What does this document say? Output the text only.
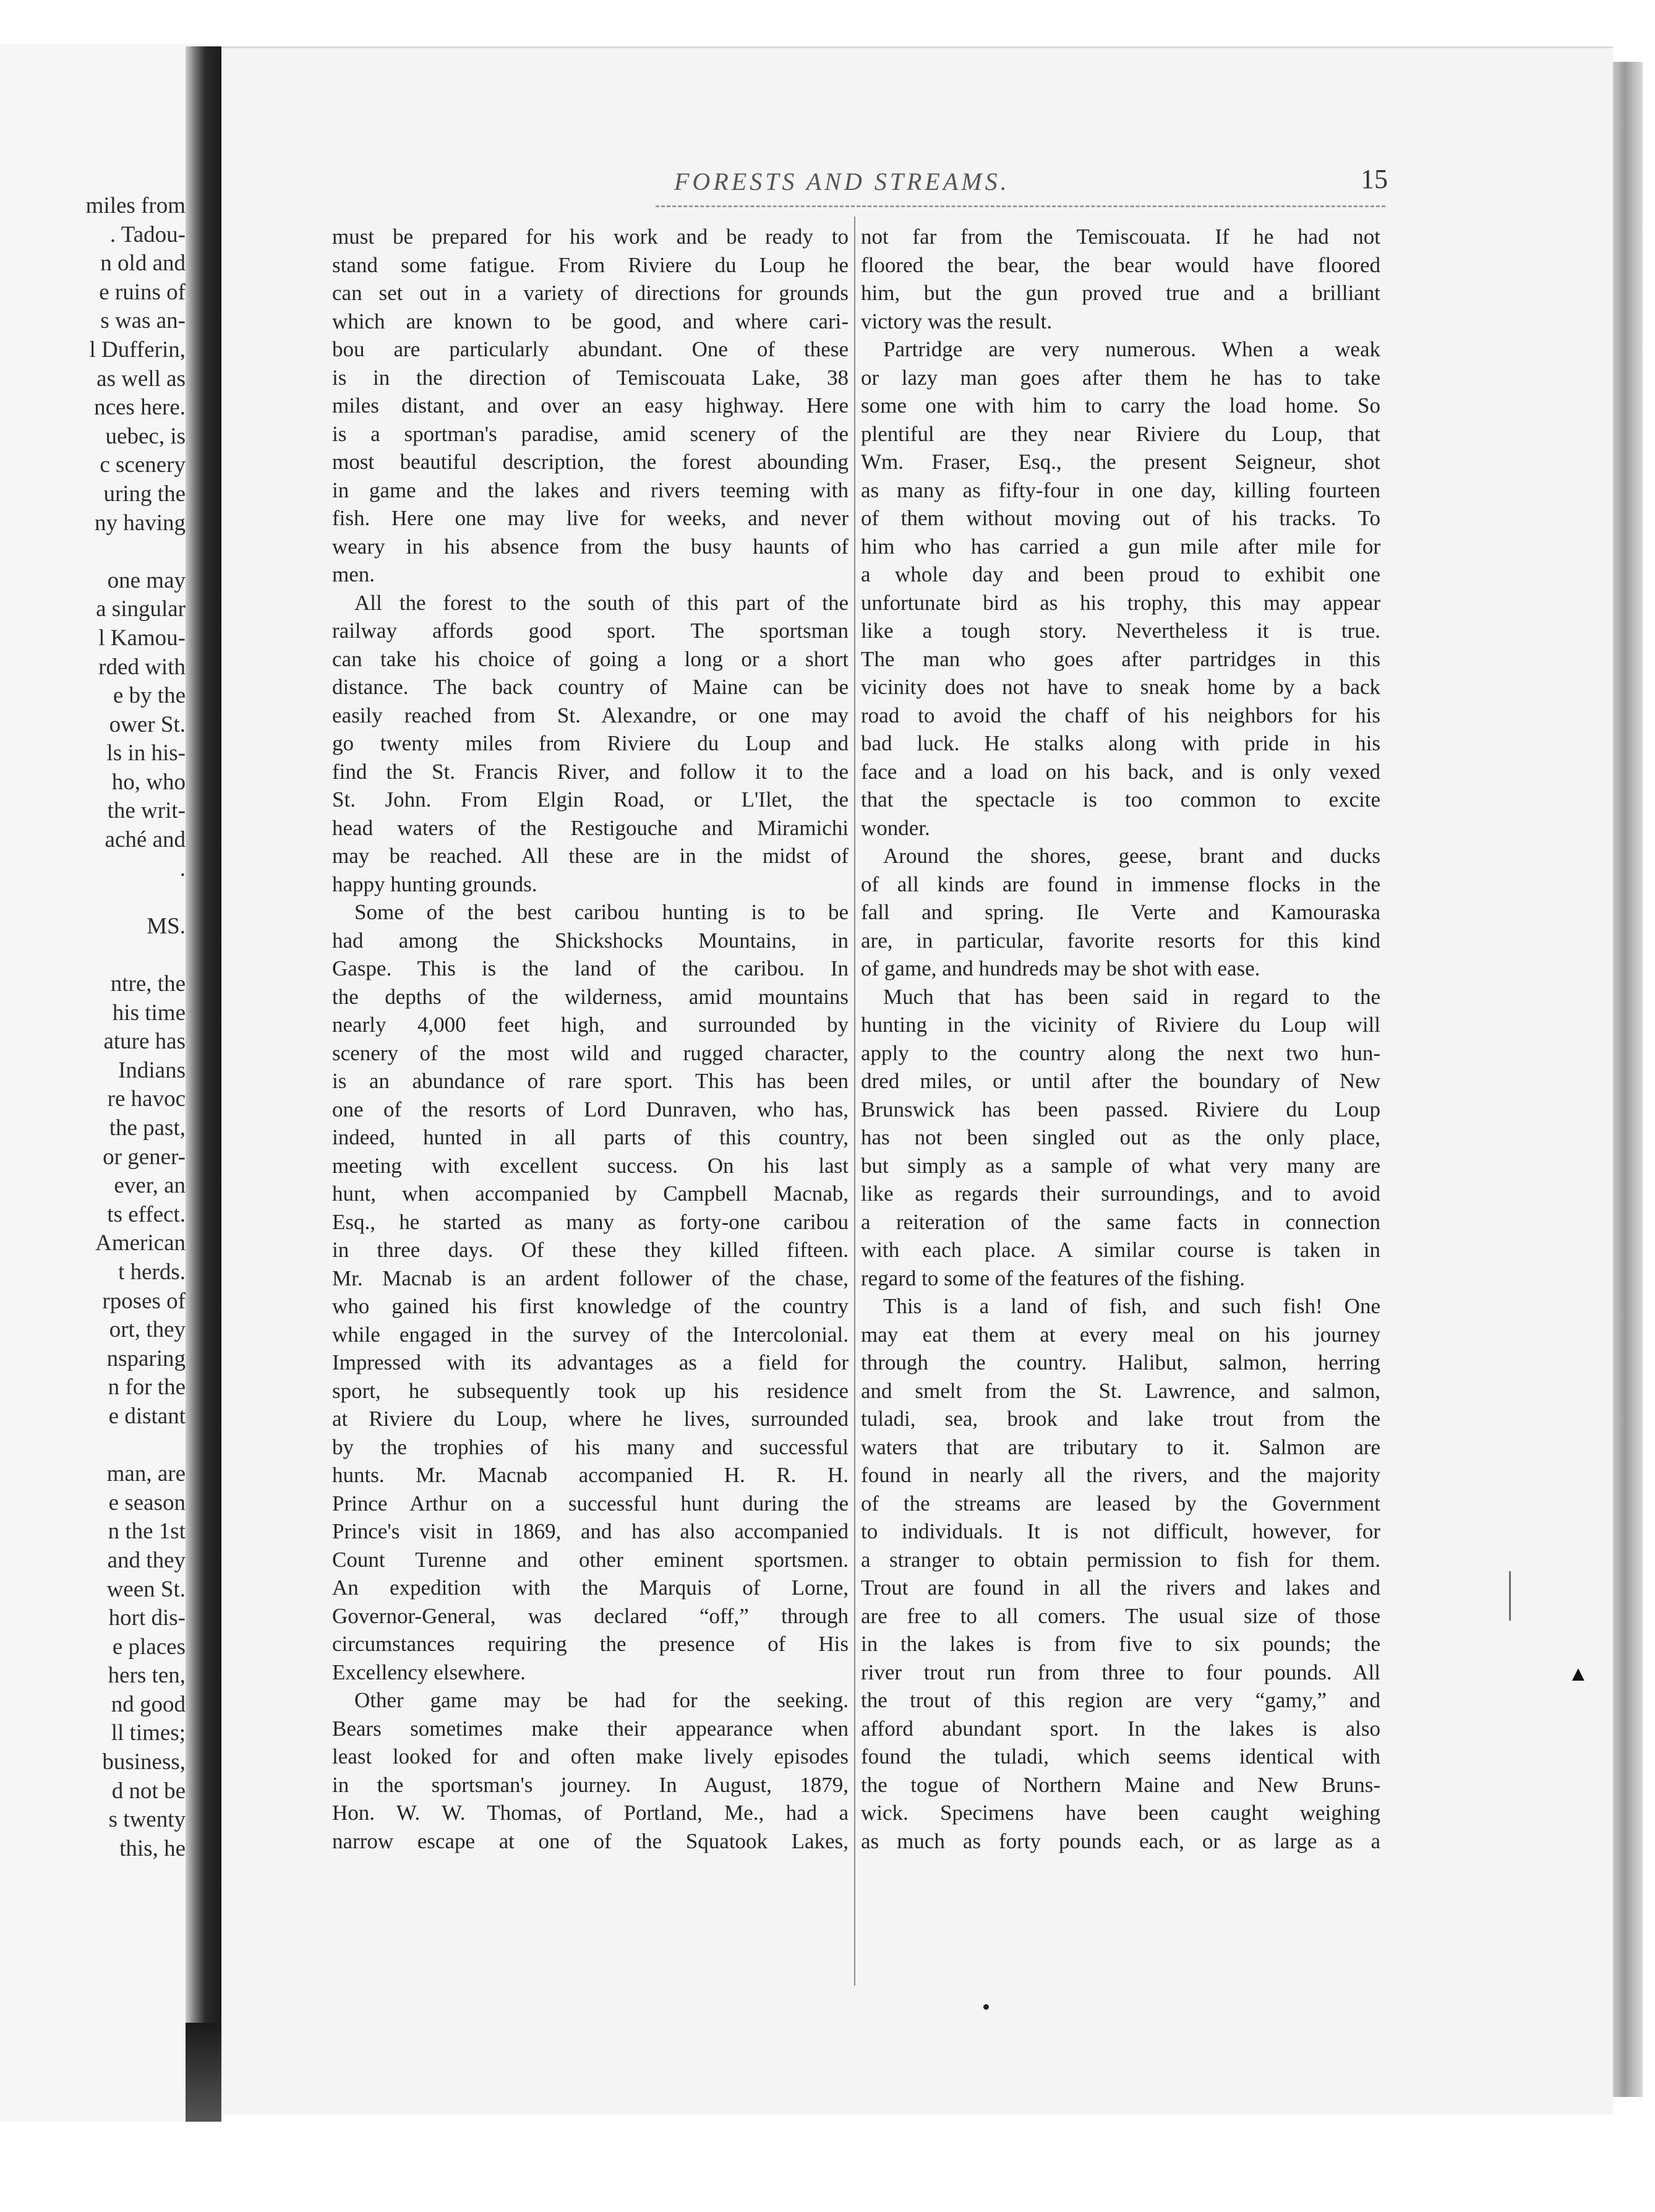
miles from
. Tadou-
n old and
e ruins of
s was an-
l Dufferin,
as well as
nces here.
uebec, is
c scenery
uring the
ny having
one may
a singular
l Kamou-
rded with
e by the
ower St.
ls in his-
ho, who
the writ-
aché and
.
MS.
ntre, the
his time
ature has
Indians
re havoc
the past,
or gener-
ever, an
ts effect.
American
t herds.
rposes of
ort, they
nsparing
n for the
e distant
man, are
e season
n the 1st
and they
ween St.
hort dis-
e places
hers ten,
nd good
ll times;
business,
d not be
s twenty
this, he
FORESTS AND STREAMS.	15
must be prepared for his work and be ready to
stand some fatigue. From Riviere du Loup he
can set out in a variety of directions for grounds
which are known to be good, and where cari-
bou are particularly abundant. One of these
is in the direction of Temiscouata Lake, 38
miles distant, and over an easy highway. Here
is a sportman's paradise, amid scenery of the
most beautiful description, the forest abounding
in game and the lakes and rivers teeming with
fish. Here one may live for weeks, and never
weary in his absence from the busy haunts of
men.
All the forest to the south of this part of the
railway affords good sport. The sportsman
can take his choice of going a long or a short
distance. The back country of Maine can be
easily reached from St. Alexandre, or one may
go twenty miles from Riviere du Loup and
find the St. Francis River, and follow it to the
St. John. From Elgin Road, or L'Ilet, the
head waters of the Restigouche and Miramichi
may be reached. All these are in the midst of
happy hunting grounds.
Some of the best caribou hunting is to be
had among the Shickshocks Mountains, in
Gaspe. This is the land of the caribou. In
the depths of the wilderness, amid mountains
nearly 4,000 feet high, and surrounded by
scenery of the most wild and rugged character,
is an abundance of rare sport. This has been
one of the resorts of Lord Dunraven, who has,
indeed, hunted in all parts of this country,
meeting with excellent success. On his last
hunt, when accompanied by Campbell Macnab,
Esq., he started as many as forty-one caribou
in three days. Of these they killed fifteen.
Mr. Macnab is an ardent follower of the chase,
who gained his first knowledge of the country
while engaged in the survey of the Intercolonial.
Impressed with its advantages as a field for
sport, he subsequently took up his residence
at Riviere du Loup, where he lives, surrounded
by the trophies of his many and successful
hunts. Mr. Macnab accompanied H. R. H.
Prince Arthur on a successful hunt during the
Prince's visit in 1869, and has also accompanied
Count Turenne and other eminent sportsmen.
An expedition with the Marquis of Lorne,
Governor-General, was declared “off,” through
circumstances requiring the presence of His
Excellency elsewhere.
Other game may be had for the seeking.
Bears sometimes make their appearance when
least looked for and often make lively episodes
in the sportsman's journey. In August, 1879,
Hon. W. W. Thomas, of Portland, Me., had a
narrow escape at one of the Squatook Lakes,
not far from the Temiscouata. If he had not
floored the bear, the bear would have floored
him, but the gun proved true and a brilliant
victory was the result.
Partridge are very numerous. When a weak
or lazy man goes after them he has to take
some one with him to carry the load home. So
plentiful are they near Riviere du Loup, that
Wm. Fraser, Esq., the present Seigneur, shot
as many as fifty-four in one day, killing fourteen
of them without moving out of his tracks. To
him who has carried a gun mile after mile for
a whole day and been proud to exhibit one
unfortunate bird as his trophy, this may appear
like a tough story. Nevertheless it is true.
The man who goes after partridges in this
vicinity does not have to sneak home by a back
road to avoid the chaff of his neighbors for his
bad luck. He stalks along with pride in his
face and a load on his back, and is only vexed
that the spectacle is too common to excite
wonder.
Around the shores, geese, brant and ducks
of all kinds are found in immense flocks in the
fall and spring. Ile Verte and Kamouraska
are, in particular, favorite resorts for this kind
of game, and hundreds may be shot with ease.
Much that has been said in regard to the
hunting in the vicinity of Riviere du Loup will
apply to the country along the next two hun-
dred miles, or until after the boundary of New
Brunswick has been passed. Riviere du Loup
has not been singled out as the only place,
but simply as a sample of what very many are
like as regards their surroundings, and to avoid
a reiteration of the same facts in connection
with each place. A similar course is taken in
regard to some of the features of the fishing.
This is a land of fish, and such fish! One
may eat them at every meal on his journey
through the country. Halibut, salmon, herring
and smelt from the St. Lawrence, and salmon,
tuladi, sea, brook and lake trout from the
waters that are tributary to it. Salmon are
found in nearly all the rivers, and the majority
of the streams are leased by the Government
to individuals. It is not difficult, however, for
a stranger to obtain permission to fish for them.
Trout are found in all the rivers and lakes and
are free to all comers. The usual size of those
in the lakes is from five to six pounds; the
river trout run from three to four pounds. All
the trout of this region are very “gamy,” and
afford abundant sport. In the lakes is also
found the tuladi, which seems identical with
the togue of Northern Maine and New Bruns-
wick. Specimens have been caught weighing
as much as forty pounds each, or as large as a
▲
